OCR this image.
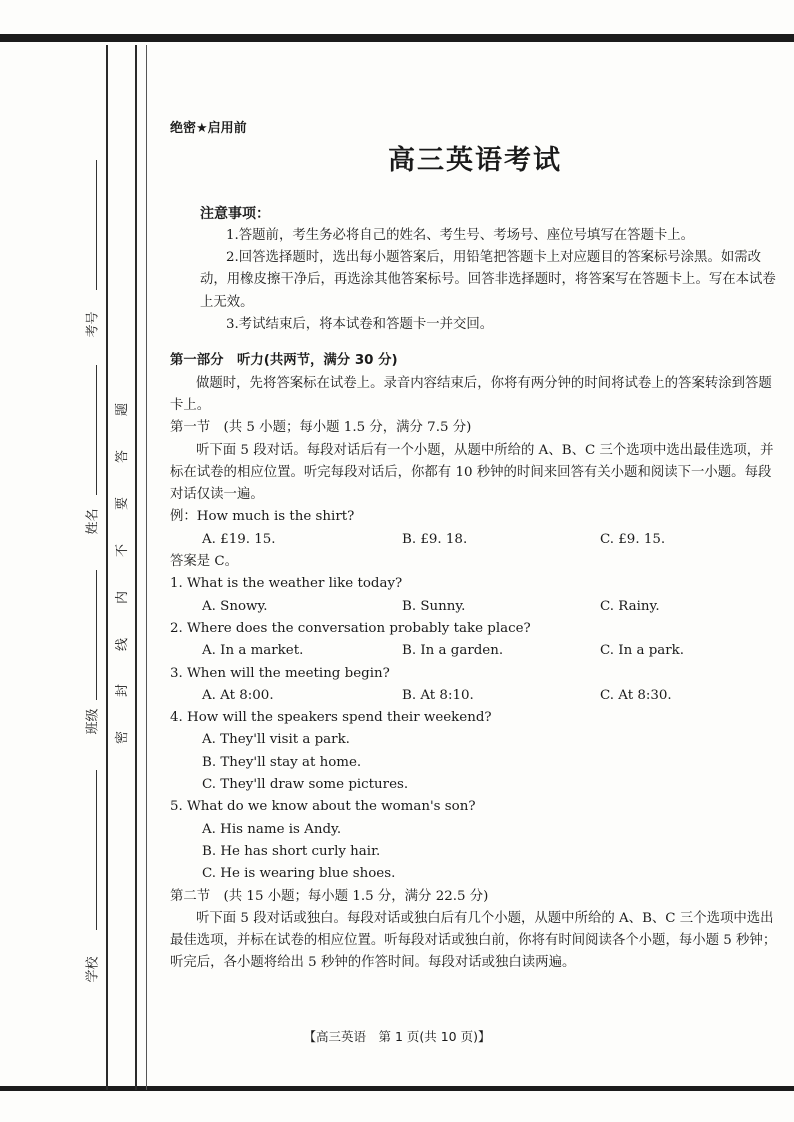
考号
姓名
班级
学校
密
封
线
内
不
要
答
题
绝密★启用前
高三英语考试
注意事项：

1.答题前，考生务必将自己的姓名、考生号、考场号、座位号填写在答题卡上。

2.回答选择题时，选出每小题答案后，用铅笔把答题卡上对应题目的答案标号涂黑。如需改动，用橡皮擦干净后，再选涂其他答案标号。回答非选择题时，将答案写在答题卡上。写在本试卷上无效。

3.考试结束后，将本试卷和答题卡一并交回。

第一部分　听力(共两节，满分 30 分)

做题时，先将答案标在试卷上。录音内容结束后，你将有两分钟的时间将试卷上的答案转涂到答题卡上。

第一节　(共 5 小题；每小题 1.5 分，满分 7.5 分)

听下面 5 段对话。每段对话后有一个小题，从题中所给的 A、B、C 三个选项中选出最佳选项，并标在试卷的相应位置。听完每段对话后，你都有 10 秒钟的时间来回答有关小题和阅读下一小题。每段对话仅读一遍。

例：How much is the shirt?

A. £19. 15.	B. £9. 18.	C. £9. 15.

答案是 C。

1. What is the weather like today?

A. Snowy.	B. Sunny.	C. Rainy.

2. Where does the conversation probably take place?

A. In a market.	B. In a garden.	C. In a park.

3. When will the meeting begin?

A. At 8:00.	B. At 8:10.	C. At 8:30.

4. How will the speakers spend their weekend?

A. They'll visit a park.

B. They'll stay at home.

C. They'll draw some pictures.

5. What do we know about the woman's son?

A. His name is Andy.

B. He has short curly hair.

C. He is wearing blue shoes.

第二节　(共 15 小题；每小题 1.5 分，满分 22.5 分)

听下面 5 段对话或独白。每段对话或独白后有几个小题，从题中所给的 A、B、C 三个选项中选出最佳选项，并标在试卷的相应位置。听每段对话或独白前，你将有时间阅读各个小题，每小题 5 秒钟；听完后，各小题将给出 5 秒钟的作答时间。每段对话或独白读两遍。

【高三英语　第 1 页(共 10 页)】
